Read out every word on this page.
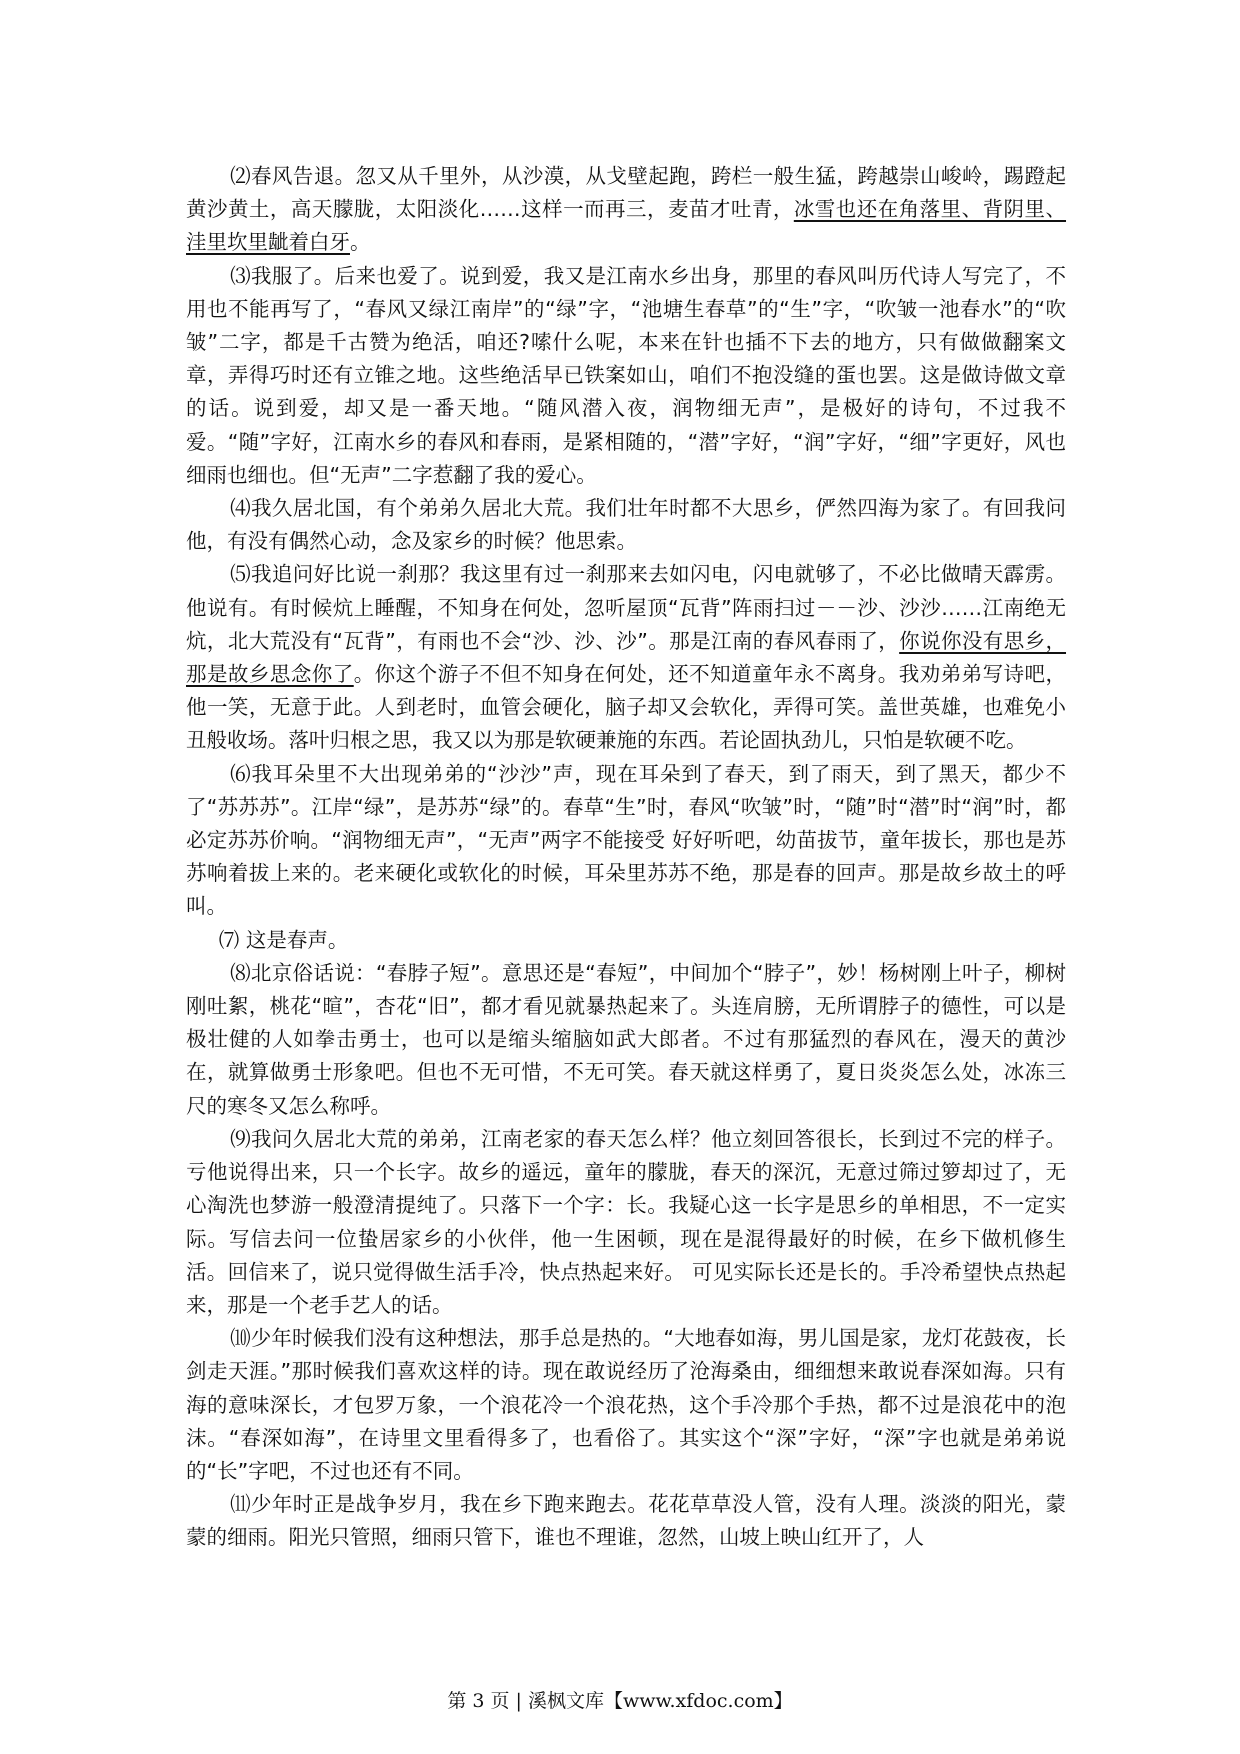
⑵春风告退。忽又从千里外，从沙漠，从戈壁起跑，跨栏一般生猛，跨越崇山峻岭，踢蹬起黄沙黄土，高天朦胧，太阳淡化……这样一而再三，麦苗才吐青，冰雪也还在角落里、背阴里、洼里坎里龇着白牙。

⑶我服了。后来也爱了。说到爱，我又是江南水乡出身，那里的春风叫历代诗人写完了，不用也不能再写了，“春风又绿江南岸”的“绿”字，“池塘生春草”的“生”字，“吹皱一池春水”的“吹皱”二字，都是千古赞为绝活，咱还?嗦什么呢，本来在针也插不下去的地方，只有做做翻案文章，弄得巧时还有立锥之地。这些绝活早已铁案如山，咱们不抱没缝的蛋也罢。这是做诗做文章的话。说到爱，却又是一番天地。“随风潜入夜，润物细无声”，是极好的诗句，不过我不爱。“随”字好，江南水乡的春风和春雨，是紧相随的，“潜”字好，“润”字好，“细”字更好，风也细雨也细也。但“无声”二字惹翻了我的爱心。

⑷我久居北国，有个弟弟久居北大荒。我们壮年时都不大思乡，俨然四海为家了。有回我问他，有没有偶然心动，念及家乡的时候？他思索。

⑸我追问好比说一刹那？我这里有过一刹那来去如闪电，闪电就够了，不必比做晴天霹雳。他说有。有时候炕上睡醒，不知身在何处，忽听屋顶“瓦背”阵雨扫过－－沙、沙沙……江南绝无炕，北大荒没有“瓦背”，有雨也不会“沙、沙、沙”。那是江南的春风春雨了，你说你没有思乡，那是故乡思念你了。你这个游子不但不知身在何处，还不知道童年永不离身。我劝弟弟写诗吧，他一笑，无意于此。人到老时，血管会硬化，脑子却又会软化，弄得可笑。盖世英雄，也难免小丑般收场。落叶归根之思，我又以为那是软硬兼施的东西。若论固执劲儿，只怕是软硬不吃。

⑹我耳朵里不大出现弟弟的“沙沙”声，现在耳朵到了春天，到了雨天，到了黑天，都少不了“苏苏苏”。江岸“绿”，是苏苏“绿”的。春草“生”时，春风“吹皱”时，“随”时“潜”时“润”时，都必定苏苏价响。“润物细无声”，“无声”两字不能接受 好好听吧，幼苗拔节，童年拔长，那也是苏苏响着拔上来的。老来硬化或软化的时候，耳朵里苏苏不绝，那是春的回声。那是故乡故土的呼叫。

⑺ 这是春声。

⑻北京俗话说：“春脖子短”。意思还是“春短”，中间加个“脖子”，妙！杨树刚上叶子，柳树刚吐絮，桃花“暄”，杏花“旧”，都才看见就暴热起来了。头连肩膀，无所谓脖子的德性，可以是极壮健的人如拳击勇士，也可以是缩头缩脑如武大郎者。不过有那猛烈的春风在，漫天的黄沙在，就算做勇士形象吧。但也不无可惜，不无可笑。春天就这样勇了，夏日炎炎怎么处，冰冻三尺的寒冬又怎么称呼。

⑼我问久居北大荒的弟弟，江南老家的春天怎么样？他立刻回答很长，长到过不完的样子。亏他说得出来，只一个长字。故乡的遥远，童年的朦胧，春天的深沉，无意过筛过箩却过了，无心淘洗也梦游一般澄清提纯了。只落下一个字：长。我疑心这一长字是思乡的单相思，不一定实际。写信去问一位蛰居家乡的小伙伴，他一生困顿，现在是混得最好的时候，在乡下做机修生活。回信来了，说只觉得做生活手冷，快点热起来好。 可见实际长还是长的。手冷希望快点热起来，那是一个老手艺人的话。

⑽少年时候我们没有这种想法，那手总是热的。“大地春如海，男儿国是家，龙灯花鼓夜，长剑走天涯。”那时候我们喜欢这样的诗。现在敢说经历了沧海桑由，细细想来敢说春深如海。只有海的意味深长，才包罗万象，一个浪花冷一个浪花热，这个手冷那个手热，都不过是浪花中的泡沫。“春深如海”，在诗里文里看得多了，也看俗了。其实这个“深”字好，“深”字也就是弟弟说的“长”字吧，不过也还有不同。

⑾少年时正是战争岁月，我在乡下跑来跑去。花花草草没人管，没有人理。淡淡的阳光，蒙蒙的细雨。阳光只管照，细雨只管下，谁也不理谁，忽然，山坡上映山红开了，人

第 3 页 | 溪枫文库【www.xfdoc.com】
